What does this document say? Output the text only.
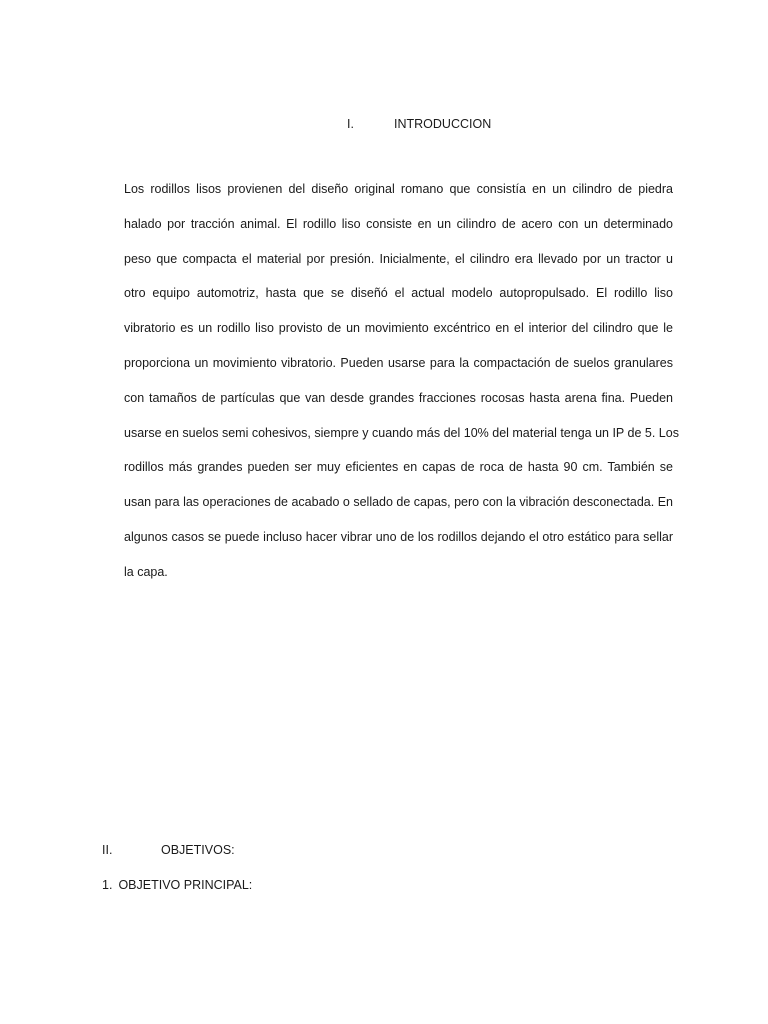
I.	INTRODUCCION

Los rodillos lisos provienen del diseño original romano que consistía en un cilindro de piedra
halado por tracción animal. El rodillo liso consiste en un cilindro de acero con un determinado
peso que compacta el material por presión. Inicialmente, el cilindro era llevado por un tractor u
otro equipo automotriz, hasta que se diseñó el actual modelo autopropulsado. El rodillo liso
vibratorio es un rodillo liso provisto de un movimiento excéntrico en el interior del cilindro que le
proporciona un movimiento vibratorio. Pueden usarse para la compactación de suelos granulares
con tamaños de partículas que van desde grandes fracciones rocosas hasta arena fina. Pueden
usarse en suelos semi cohesivos, siempre y cuando más del 10% del material tenga un IP de 5. Los
rodillos más grandes pueden ser muy eficientes en capas de roca de hasta 90 cm. También se
usan para las operaciones de acabado o sellado de capas, pero con la vibración desconectada. En
algunos casos se puede incluso hacer vibrar uno de los rodillos dejando el otro estático para sellar
la capa.

II.	OBJETIVOS:
1. OBJETIVO PRINCIPAL:
